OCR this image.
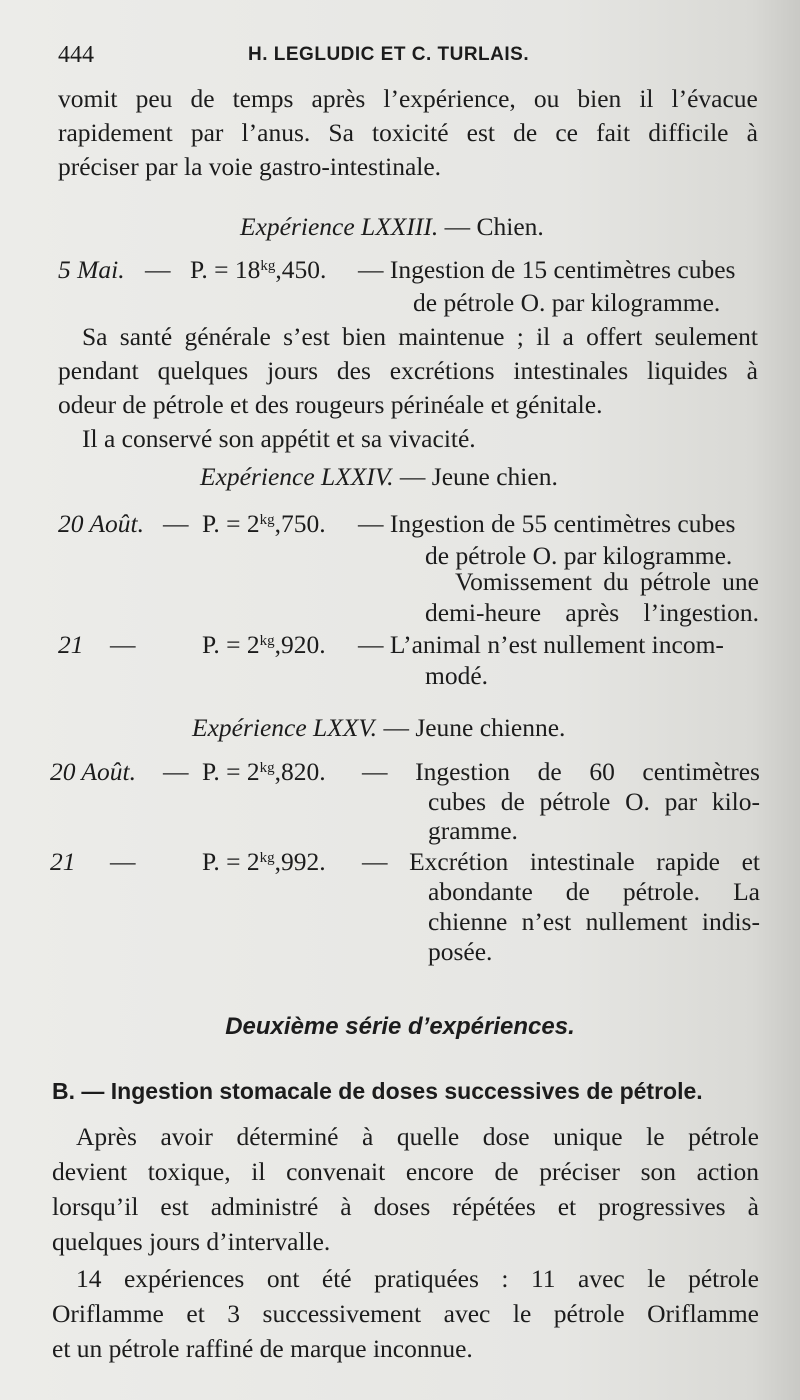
444	H. LEGLUDIC ET C. TURLAIS.
vomit peu de temps après l’expérience, ou bien il l’évacue
rapidement par l’anus. Sa toxicité est de ce fait difficile à
préciser par la voie gastro-intestinale.
Expérience LXXIII. — Chien.
5 Mai. — P. = $18^{kg},450$. — Ingestion de 15 centimètres cubes
de pétrole O. par kilogramme.
Sa santé générale s’est bien maintenue ; il a offert seulement
pendant quelques jours des excrétions intestinales liquides à
odeur de pétrole et des rougeurs périnéale et génitale.
Il a conservé son appétit et sa vivacité.
Expérience LXXIV. — Jeune chien.
20 Août. — P. = $2^{kg},750$. — Ingestion de 55 centimètres cubes
de pétrole O. par kilogramme.
Vomissement du pétrole une
demi-heure après l’ingestion.
21 —	P. = $2^{kg},920$. — L’animal n’est nullement incom-
modé.
Expérience LXXV. — Jeune chienne.
20 Août. — P. = $2^{kg},820$. — Ingestion de 60 centimètres
cubes de pétrole O. par kilo-
gramme.
21 —	P. = $2^{kg},992$. — Excrétion intestinale rapide et
abondante de pétrole. La
chienne n’est nullement indis-
posée.
Deuxième série d’expériences.
B. — Ingestion stomacale de doses successives de pétrole.
Après avoir déterminé à quelle dose unique le pétrole
devient toxique, il convenait encore de préciser son action
lorsqu’il est administré à doses répétées et progressives à
quelques jours d’intervalle.
14 expériences ont été pratiquées : 11 avec le pétrole
Oriflamme et 3 successivement avec le pétrole Oriflamme
et un pétrole raffiné de marque inconnue.
